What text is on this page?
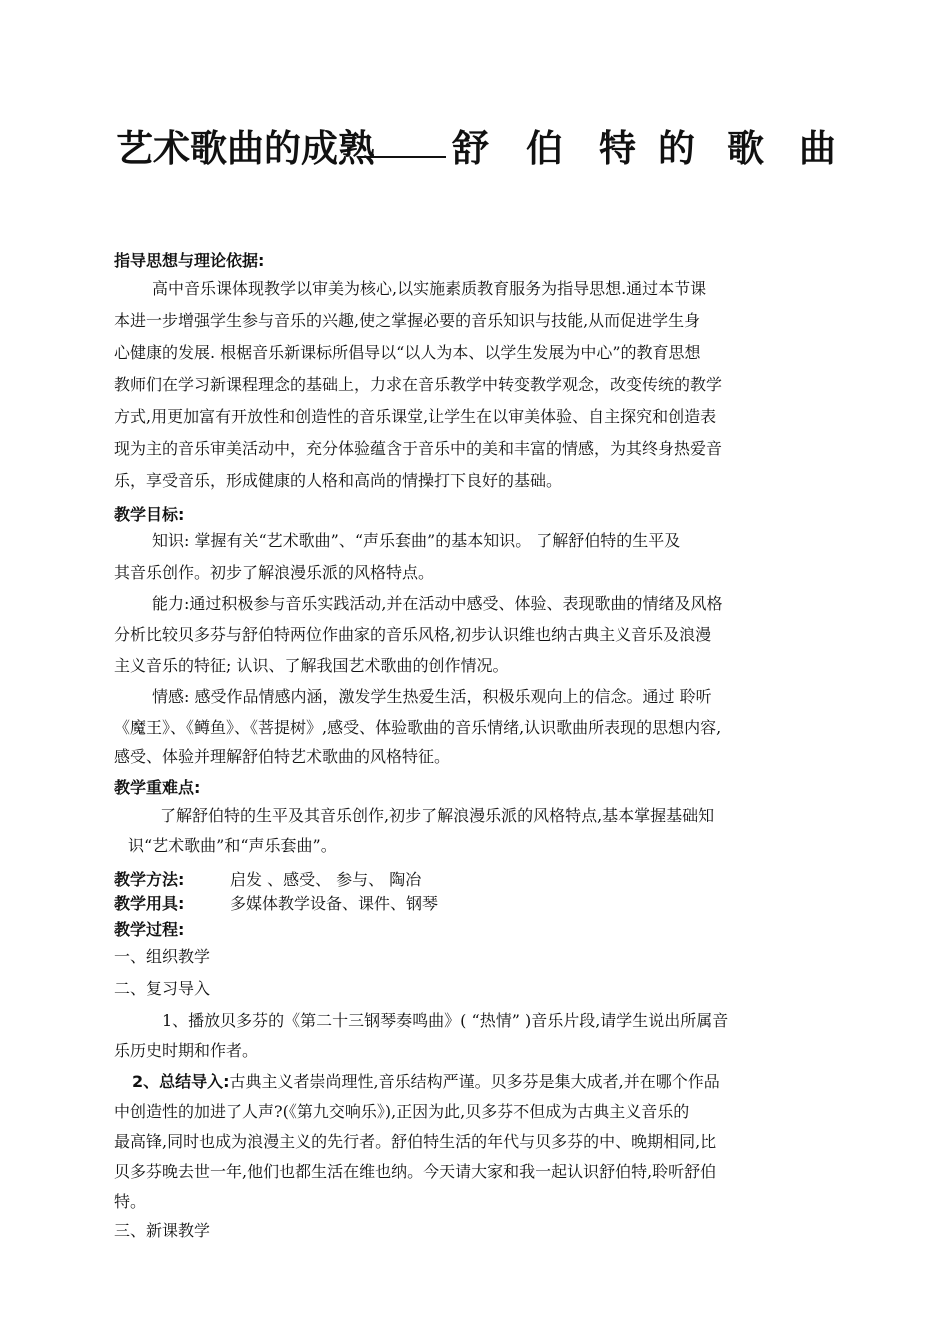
艺术歌曲的成熟 舒 伯 特 的 歌 曲
指导思想与理论依据:
高中音乐课体现教学以审美为核心,以实施素质教育服务为指导思想.通过本节课
本进一步增强学生参与音乐的兴趣,使之掌握必要的音乐知识与技能,从而促进学生身
心健康的发展. 根椐音乐新课标所倡导以“以人为本、以学生发展为中心”的教育思想
教师们在学习新课程理念的基础上，力求在音乐教学中转变教学观念，改变传统的教学
方式,用更加富有开放性和创造性的音乐课堂,让学生在以审美体验、自主探究和创造表
现为主的音乐审美活动中，充分体验蕴含于音乐中的美和丰富的情感，为其终身热爱音
乐，享受音乐，形成健康的人格和高尚的情操打下良好的基础。
教学目标:
知识: 掌握有关“艺术歌曲”、“声乐套曲”的基本知识。 了解舒伯特的生平及
其音乐创作。初步了解浪漫乐派的风格特点。
能力:通过积极参与音乐实践活动,并在活动中感受、体验、表现歌曲的情绪及风格
分析比较贝多芬与舒伯特两位作曲家的音乐风格,初步认识维也纳古典主义音乐及浪漫
主义音乐的特征; 认识、了解我国艺术歌曲的创作情况。
情感: 感受作品情感内涵，激发学生热爱生活，积极乐观向上的信念。通过 聆听
《魔王》、《鳟鱼》、《菩提树》,感受、体验歌曲的音乐情绪,认识歌曲所表现的思想内容,
感受、体验并理解舒伯特艺术歌曲的风格特征。
教学重难点:
了解舒伯特的生平及其音乐创作,初步了解浪漫乐派的风格特点,基本掌握基础知
识“艺术歌曲”和“声乐套曲”。
教学方法:	启发 、感受、 参与、 陶冶
教学用具:	多媒体教学设备、课件、钢琴
教学过程:
一、组织教学
二、复习导入
1、播放贝多芬的《第二十三钢琴奏鸣曲》( “热情” )音乐片段,请学生说出所属音
乐历史时期和作者。
2、总结导入:古典主义者崇尚理性,音乐结构严谨。贝多芬是集大成者,并在哪个作品
中创造性的加进了人声?(《第九交响乐》),正因为此,贝多芬不但成为古典主义音乐的
最高锋,同时也成为浪漫主义的先行者。舒伯特生活的年代与贝多芬的中、晚期相同,比
贝多芬晚去世一年,他们也都生活在维也纳。今天请大家和我一起认识舒伯特,聆听舒伯
特。
三、新课教学
